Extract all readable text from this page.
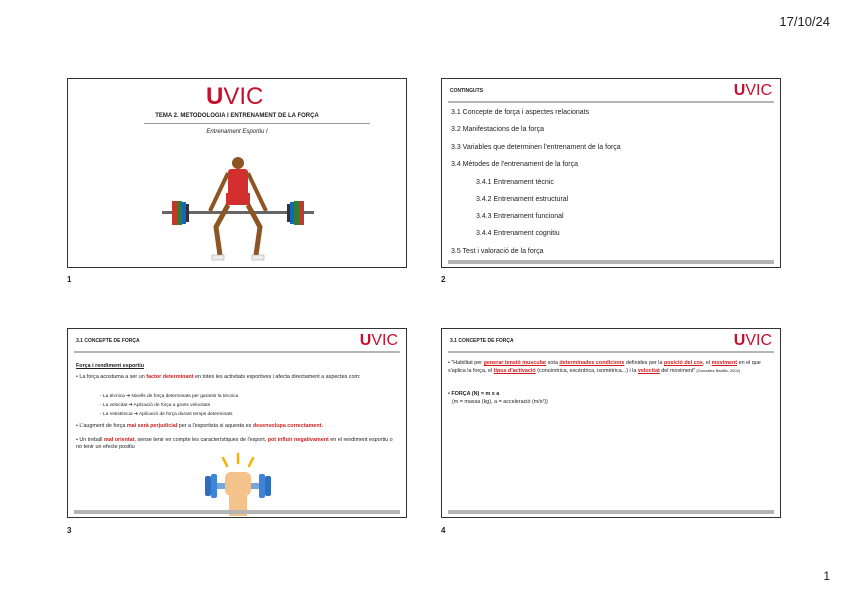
17/10/24
UVIC
TEMA 2. METODOLOGIA I ENTRENAMENT DE LA FORÇA
Entrenament Esportiu I
1
CONTINGUTS	UVIC
3.1 Concepte de força i aspectes relacionats
3.2 Manifestacions de la força
3.3 Variables que determinen l'entrenament de la força
3.4 Mètodes de l'entrenament de la força
3.4.1 Entrenament tècnic
3.4.2 Entrenament estructural
3.4.3 Entrenament funcional
3.4.4 Entrenament cognitiu
3.5 Test i valoració de la força
2
3.1 CONCEPTE DE FORÇA	UVIC
Força i rendiment esportiu
• La força acostuma a ser un factor determinant en totes les activitats esportives i afecta directament a aspectes com:
- La tècnica ➔ Nivells de força determinats per garantir la tècnica
- La velocitat ➔ Aplicació de força a grans velocitats
- La resistència ➔ Aplicació de força durant temps determinats
• L'augment de força mai serà perjudicial per a l'esportista si aquesta es desenvolupa correctament.
• Un treball mal orientat, sense tenir en compte les característiques de l'esport, pot influir negativament en el rendiment esportiu o no tenir un efecte positiu
3
3.1 CONCEPTE DE FORÇA	UVIC
• "Habilitat per generar tensió muscular sota determinades condicions definides per la posició del cos, el moviment en el que s'aplica la força, el tipus d'activació (concèntrica, excèntrica, isomètrica...) i la velocitat del moviment" (González Badillo, 2002)
• FORÇA (N) = m x a
(m = massa (kg), a = acceleració (m/s²))
4
1
